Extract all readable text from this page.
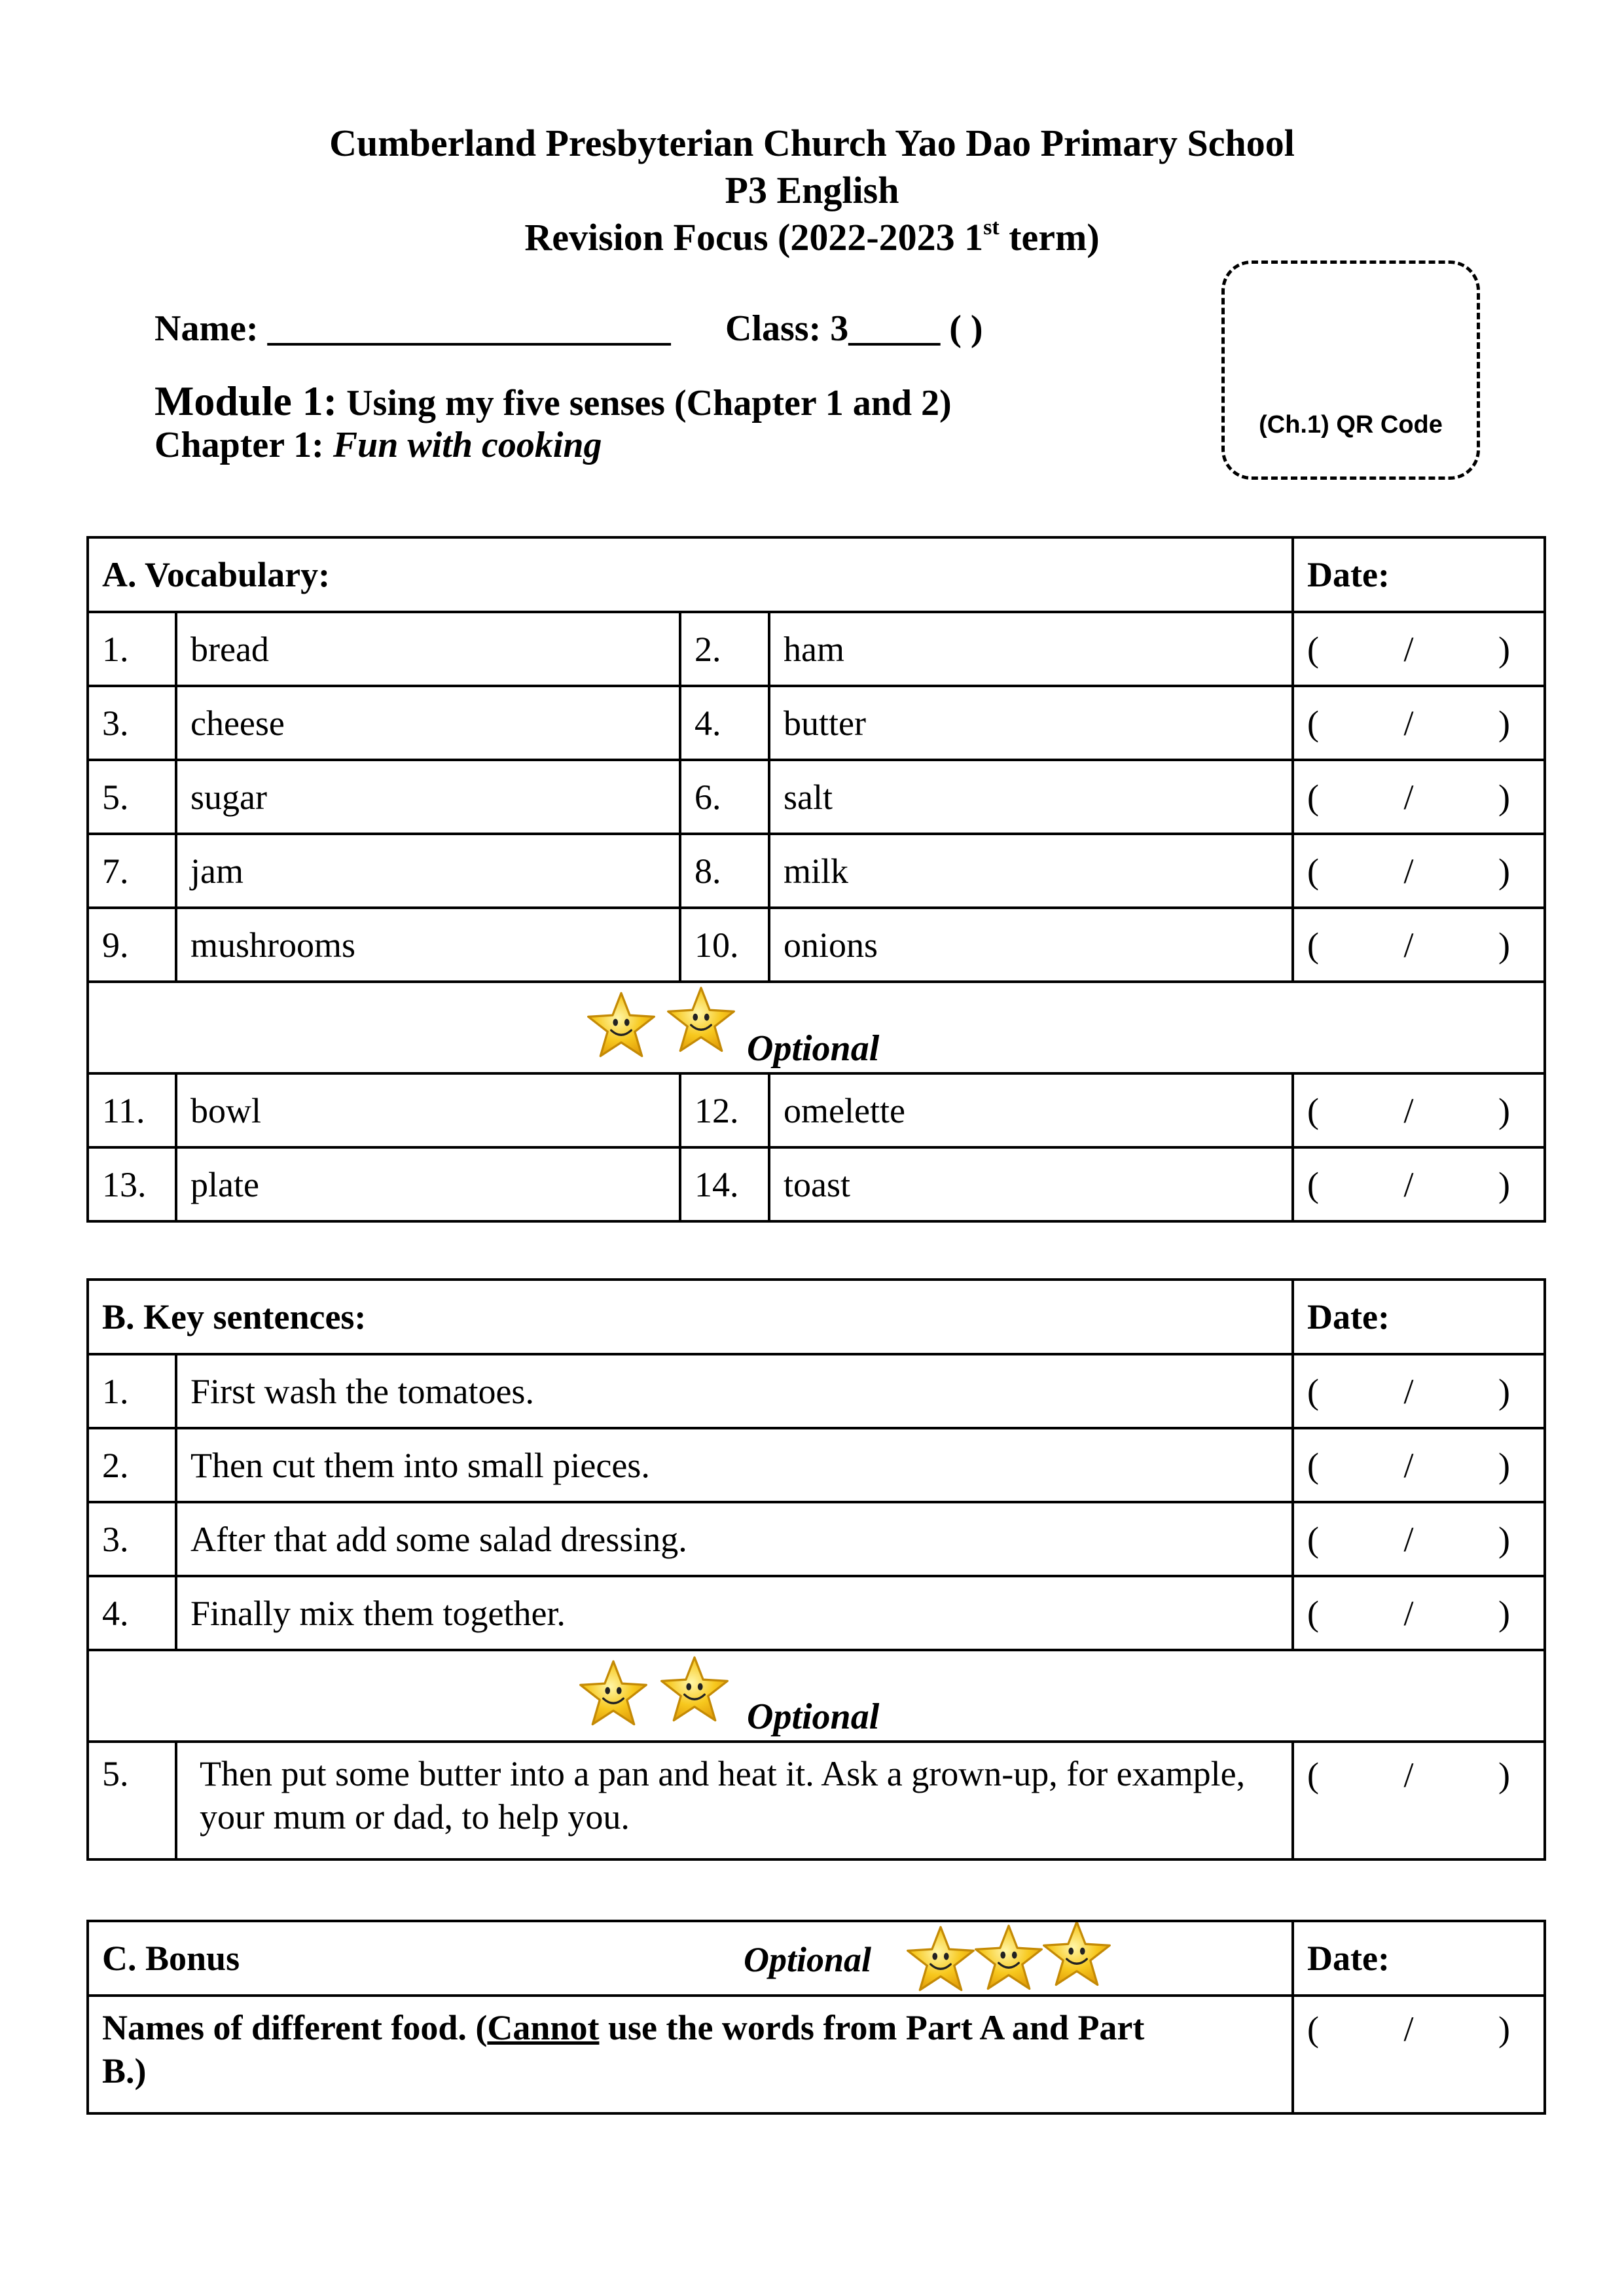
Cumberland Presbyterian Church Yao Dao Primary School
P3 English
Revision Focus (2022-2023 1st term)
Name: ______________________ Class: 3_____ ( )
Module 1: Using my five senses (Chapter 1 and 2)
Chapter 1: Fun with cooking	(Ch.1) QR Code
A. Vocabulary:				Date:
1.	bread	2.	ham	( / )

3.	cheese	4.	butter	( / )

5.	sugar	6.	salt	( / )

7.	jam	8.	milk	( / )

9.	mushrooms	10.	onions	( / )

Optional				

11.	bowl	12.	omelette	( / )

13.	plate	14.	toast	( / )
B. Key sentences:		Date:
1.	First wash the tomatoes.	( / )

2.	Then cut them into small pieces.	( / )

3.	After that add some salad dressing.	( / )

4.	Finally mix them together.	( / )

Optional		

5.	Then put some butter into a pan and heat it. Ask a grown-up, for example, your mum or dad, to help you.	( / )
C. Bonus Optional	Date:
Names of different food. (Cannot use the words from Part A and Part B.)	( / )
